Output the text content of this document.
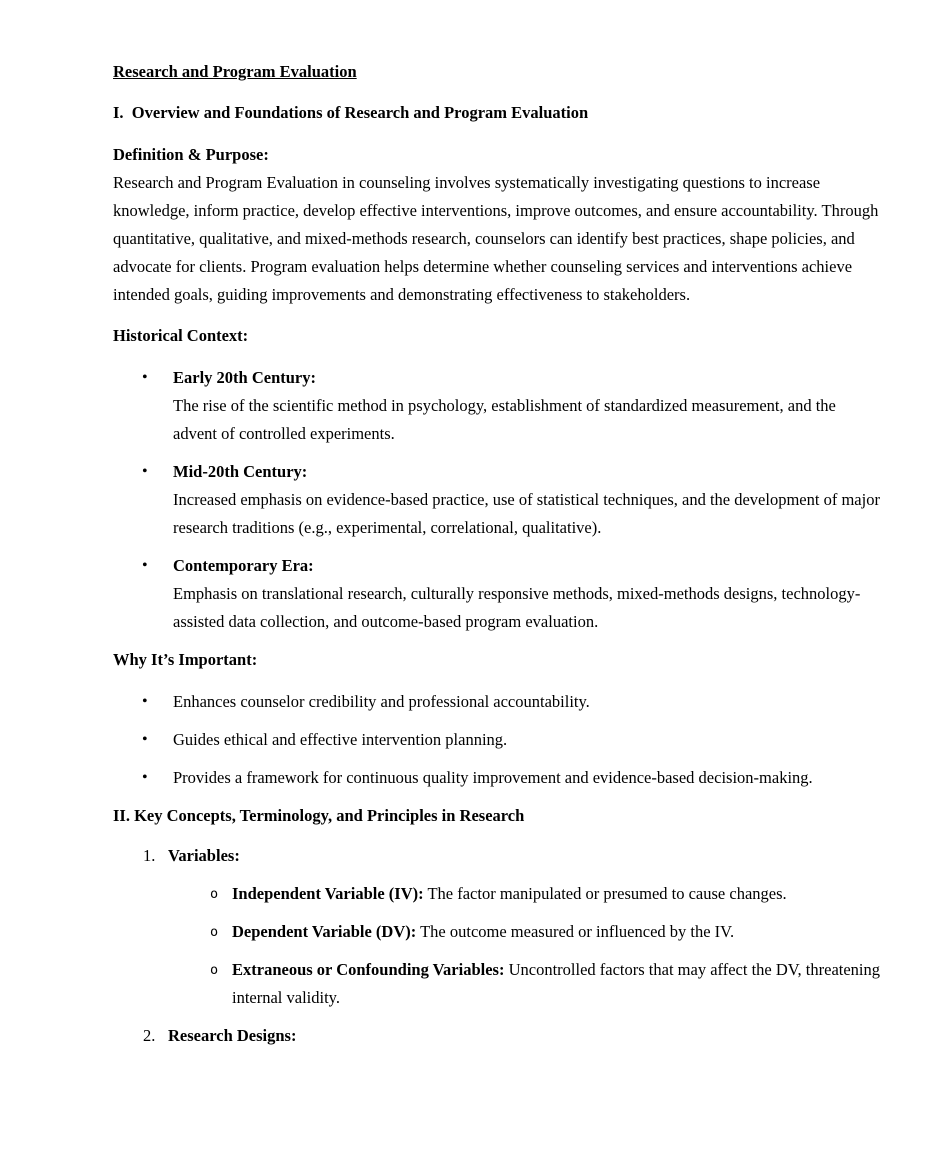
Research and Program Evaluation
I.  Overview and Foundations of Research and Program Evaluation
Definition & Purpose:
Research and Program Evaluation in counseling involves systematically investigating questions to increase knowledge, inform practice, develop effective interventions, improve outcomes, and ensure accountability. Through quantitative, qualitative, and mixed-methods research, counselors can identify best practices, shape policies, and advocate for clients. Program evaluation helps determine whether counseling services and interventions achieve intended goals, guiding improvements and demonstrating effectiveness to stakeholders.
Historical Context:
•	Early 20th Century:
The rise of the scientific method in psychology, establishment of standardized measurement, and the advent of controlled experiments.
•	Mid-20th Century:
Increased emphasis on evidence-based practice, use of statistical techniques, and the development of major research traditions (e.g., experimental, correlational, qualitative).
•	Contemporary Era:
Emphasis on translational research, culturally responsive methods, mixed-methods designs, technology-assisted data collection, and outcome-based program evaluation.
Why It’s Important:
•	Enhances counselor credibility and professional accountability.
•	Guides ethical and effective intervention planning.
•	Provides a framework for continuous quality improvement and evidence-based decision-making.
II. Key Concepts, Terminology, and Principles in Research
1. Variables:
o Independent Variable (IV): The factor manipulated or presumed to cause changes.
o Dependent Variable (DV): The outcome measured or influenced by the IV.
o Extraneous or Confounding Variables: Uncontrolled factors that may affect the DV, threatening internal validity.
2. Research Designs:
